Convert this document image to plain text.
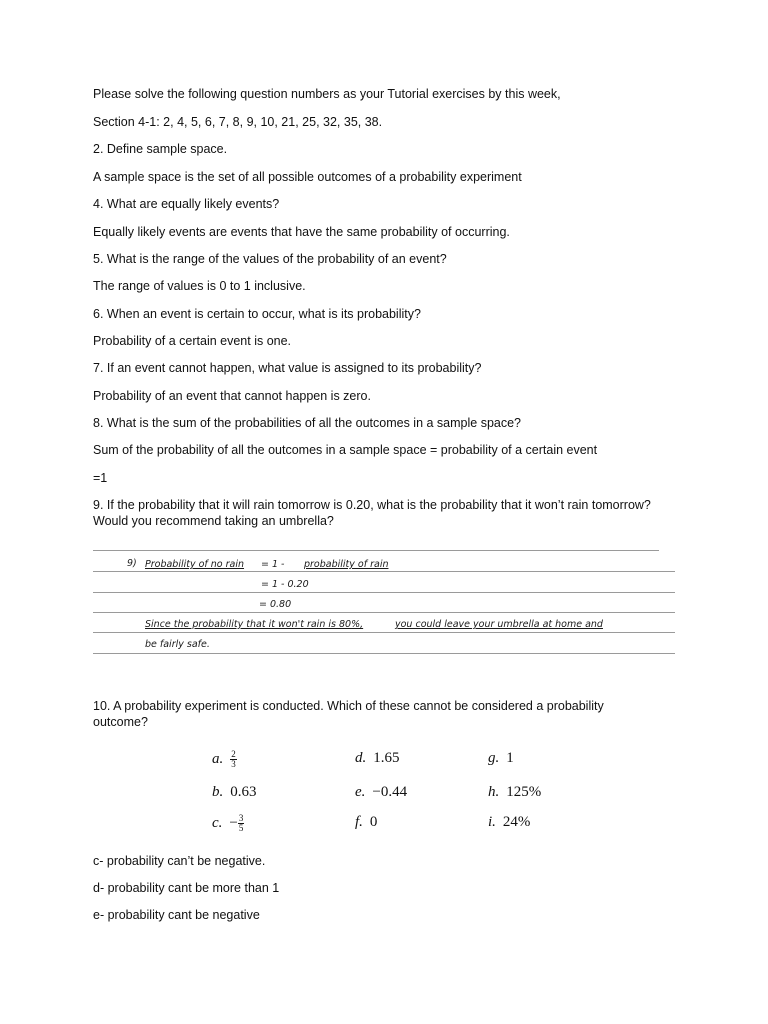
Please solve the following question numbers as your Tutorial exercises by this week,

Section 4-1: 2, 4, 5, 6, 7, 8, 9, 10, 21, 25, 32, 35, 38.

2. Define sample space.

A sample space is the set of all possible outcomes of a probability experiment

4. What are equally likely events?

Equally likely events are events that have the same probability of occurring.

5. What is the range of the values of the probability of an event?

The range of values is 0 to 1 inclusive.

6. When an event is certain to occur, what is its probability?

Probability of a certain event is one.

7. If an event cannot happen, what value is assigned to its probability?

Probability of an event that cannot happen is zero.

8. What is the sum of the probabilities of all the outcomes in a sample space?

Sum of the probability of all the outcomes in a sample space = probability of a certain event

=1

9. If the probability that it will rain tomorrow is 0.20, what is the probability that it won’t rain tomorrow? Would you recommend taking an umbrella?

9) Probability of no rain = 1 - probability of rain
= 1 - 0.20
= 0.80
Since the probability that it won't rain is 80%,	you could leave your umbrella at home and
be fairly safe.

10. A probability experiment is conducted. Which of these cannot be considered a probability outcome?

a. $\frac{2}{3}$
b. 0.63
c. − $\frac{3}{5}$
d. 1.65
e. −0.44
f. 0
g. 1
h. 125%
i. 24%

c- probability can’t be negative.

d- probability cant be more than 1

e- probability cant be negative
